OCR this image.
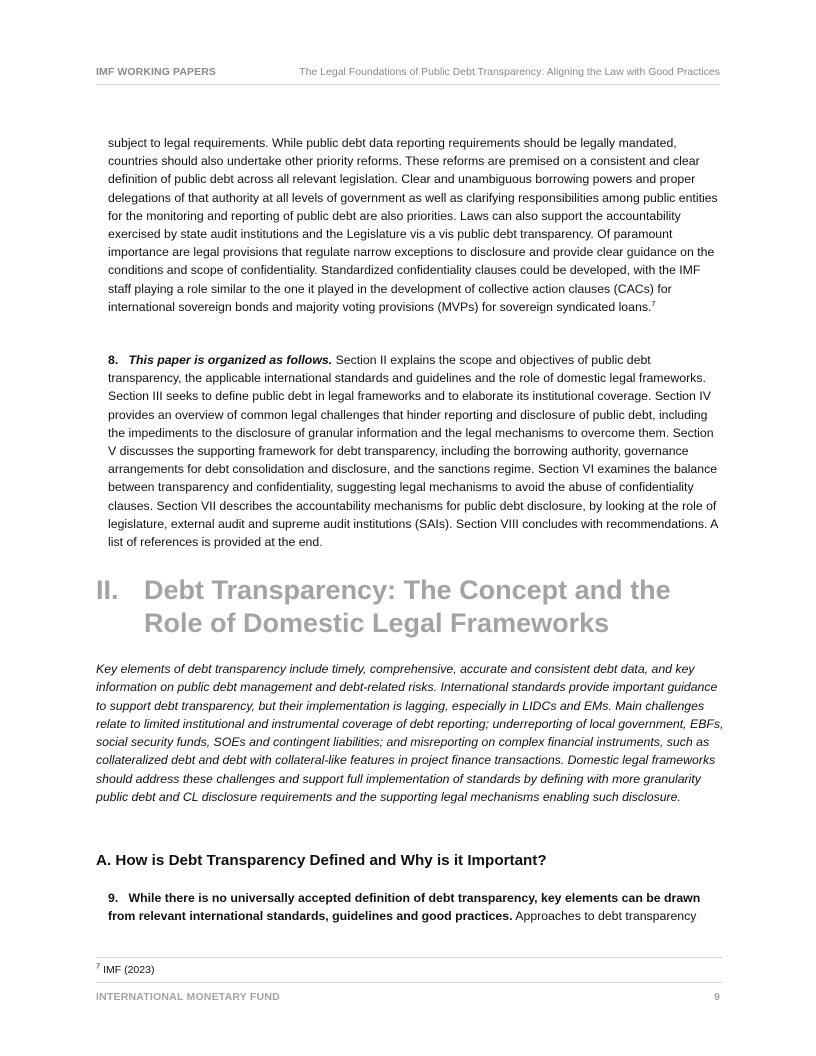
IMF WORKING PAPERS	The Legal Foundations of Public Debt Transparency: Aligning the Law with Good Practices
subject to legal requirements. While public debt data reporting requirements should be legally mandated, countries should also undertake other priority reforms. These reforms are premised on a consistent and clear definition of public debt across all relevant legislation. Clear and unambiguous borrowing powers and proper delegations of that authority at all levels of government as well as clarifying responsibilities among public entities for the monitoring and reporting of public debt are also priorities. Laws can also support the accountability exercised by state audit institutions and the Legislature vis a vis public debt transparency. Of paramount importance are legal provisions that regulate narrow exceptions to disclosure and provide clear guidance on the conditions and scope of confidentiality. Standardized confidentiality clauses could be developed, with the IMF staff playing a role similar to the one it played in the development of collective action clauses (CACs) for international sovereign bonds and majority voting provisions (MVPs) for sovereign syndicated loans.$^7$
8. This paper is organized as follows. Section II explains the scope and objectives of public debt transparency, the applicable international standards and guidelines and the role of domestic legal frameworks. Section III seeks to define public debt in legal frameworks and to elaborate its institutional coverage. Section IV provides an overview of common legal challenges that hinder reporting and disclosure of public debt, including the impediments to the disclosure of granular information and the legal mechanisms to overcome them. Section V discusses the supporting framework for debt transparency, including the borrowing authority, governance arrangements for debt consolidation and disclosure, and the sanctions regime. Section VI examines the balance between transparency and confidentiality, suggesting legal mechanisms to avoid the abuse of confidentiality clauses. Section VII describes the accountability mechanisms for public debt disclosure, by looking at the role of legislature, external audit and supreme audit institutions (SAIs). Section VIII concludes with recommendations. A list of references is provided at the end.
II. Debt Transparency: The Concept and the
Role of Domestic Legal Frameworks
Key elements of debt transparency include timely, comprehensive, accurate and consistent debt data, and key information on public debt management and debt-related risks. International standards provide important guidance to support debt transparency, but their implementation is lagging, especially in LIDCs and EMs. Main challenges relate to limited institutional and instrumental coverage of debt reporting; underreporting of local government, EBFs, social security funds, SOEs and contingent liabilities; and misreporting on complex financial instruments, such as collateralized debt and debt with collateral-like features in project finance transactions. Domestic legal frameworks should address these challenges and support full implementation of standards by defining with more granularity public debt and CL disclosure requirements and the supporting legal mechanisms enabling such disclosure.
A. How is Debt Transparency Defined and Why is it Important?
9. While there is no universally accepted definition of debt transparency, key elements can be drawn from relevant international standards, guidelines and good practices. Approaches to debt transparency
$^7$ IMF (2023)
INTERNATIONAL MONETARY FUND	9
